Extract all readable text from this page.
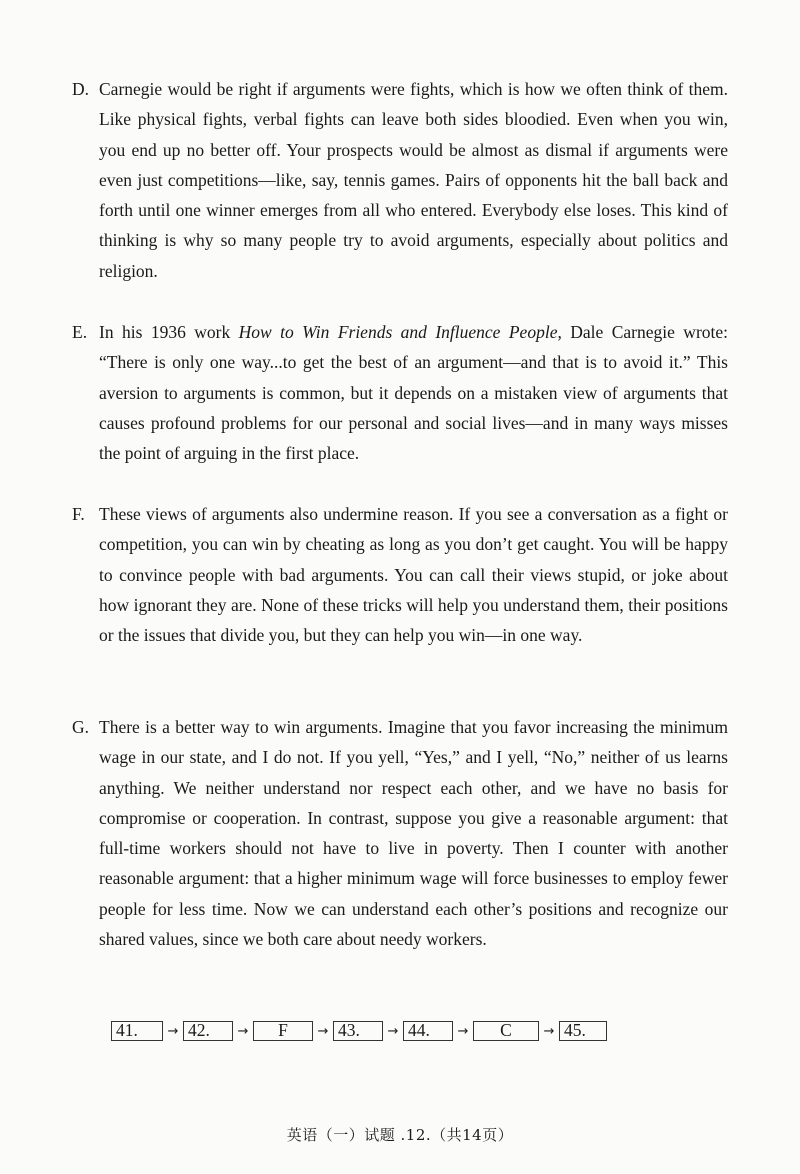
D. Carnegie would be right if arguments were fights, which is how we often think of them. Like physical fights, verbal fights can leave both sides bloodied. Even when you win, you end up no better off. Your prospects would be almost as dismal if arguments were even just competitions—like, say, tennis games. Pairs of opponents hit the ball back and forth until one winner emerges from all who entered. Everybody else loses. This kind of thinking is why so many people try to avoid arguments, especially about politics and religion.
E. In his 1936 work How to Win Friends and Influence People, Dale Carnegie wrote: “There is only one way...to get the best of an argument—and that is to avoid it.” This aversion to arguments is common, but it depends on a mistaken view of arguments that causes profound problems for our personal and social lives—and in many ways misses the point of arguing in the first place.
F. These views of arguments also undermine reason. If you see a conversation as a fight or competition, you can win by cheating as long as you don’t get caught. You will be happy to convince people with bad arguments. You can call their views stupid, or joke about how ignorant they are. None of these tricks will help you understand them, their positions or the issues that divide you, but they can help you win—in one way.
G. There is a better way to win arguments. Imagine that you favor increasing the minimum wage in our state, and I do not. If you yell, “Yes,” and I yell, “No,” neither of us learns anything. We neither understand nor respect each other, and we have no basis for compromise or cooperation. In contrast, suppose you give a reasonable argument: that full-time workers should not have to live in poverty. Then I counter with another reasonable argument: that a higher minimum wage will force businesses to employ fewer people for less time. Now we can understand each other’s positions and recognize our shared values, since we both care about needy workers.
41.	→ 42.	→	F	→ 43.	→ 44.	→	C	→ 45.
英语（一）试题 .12.（共14页）
